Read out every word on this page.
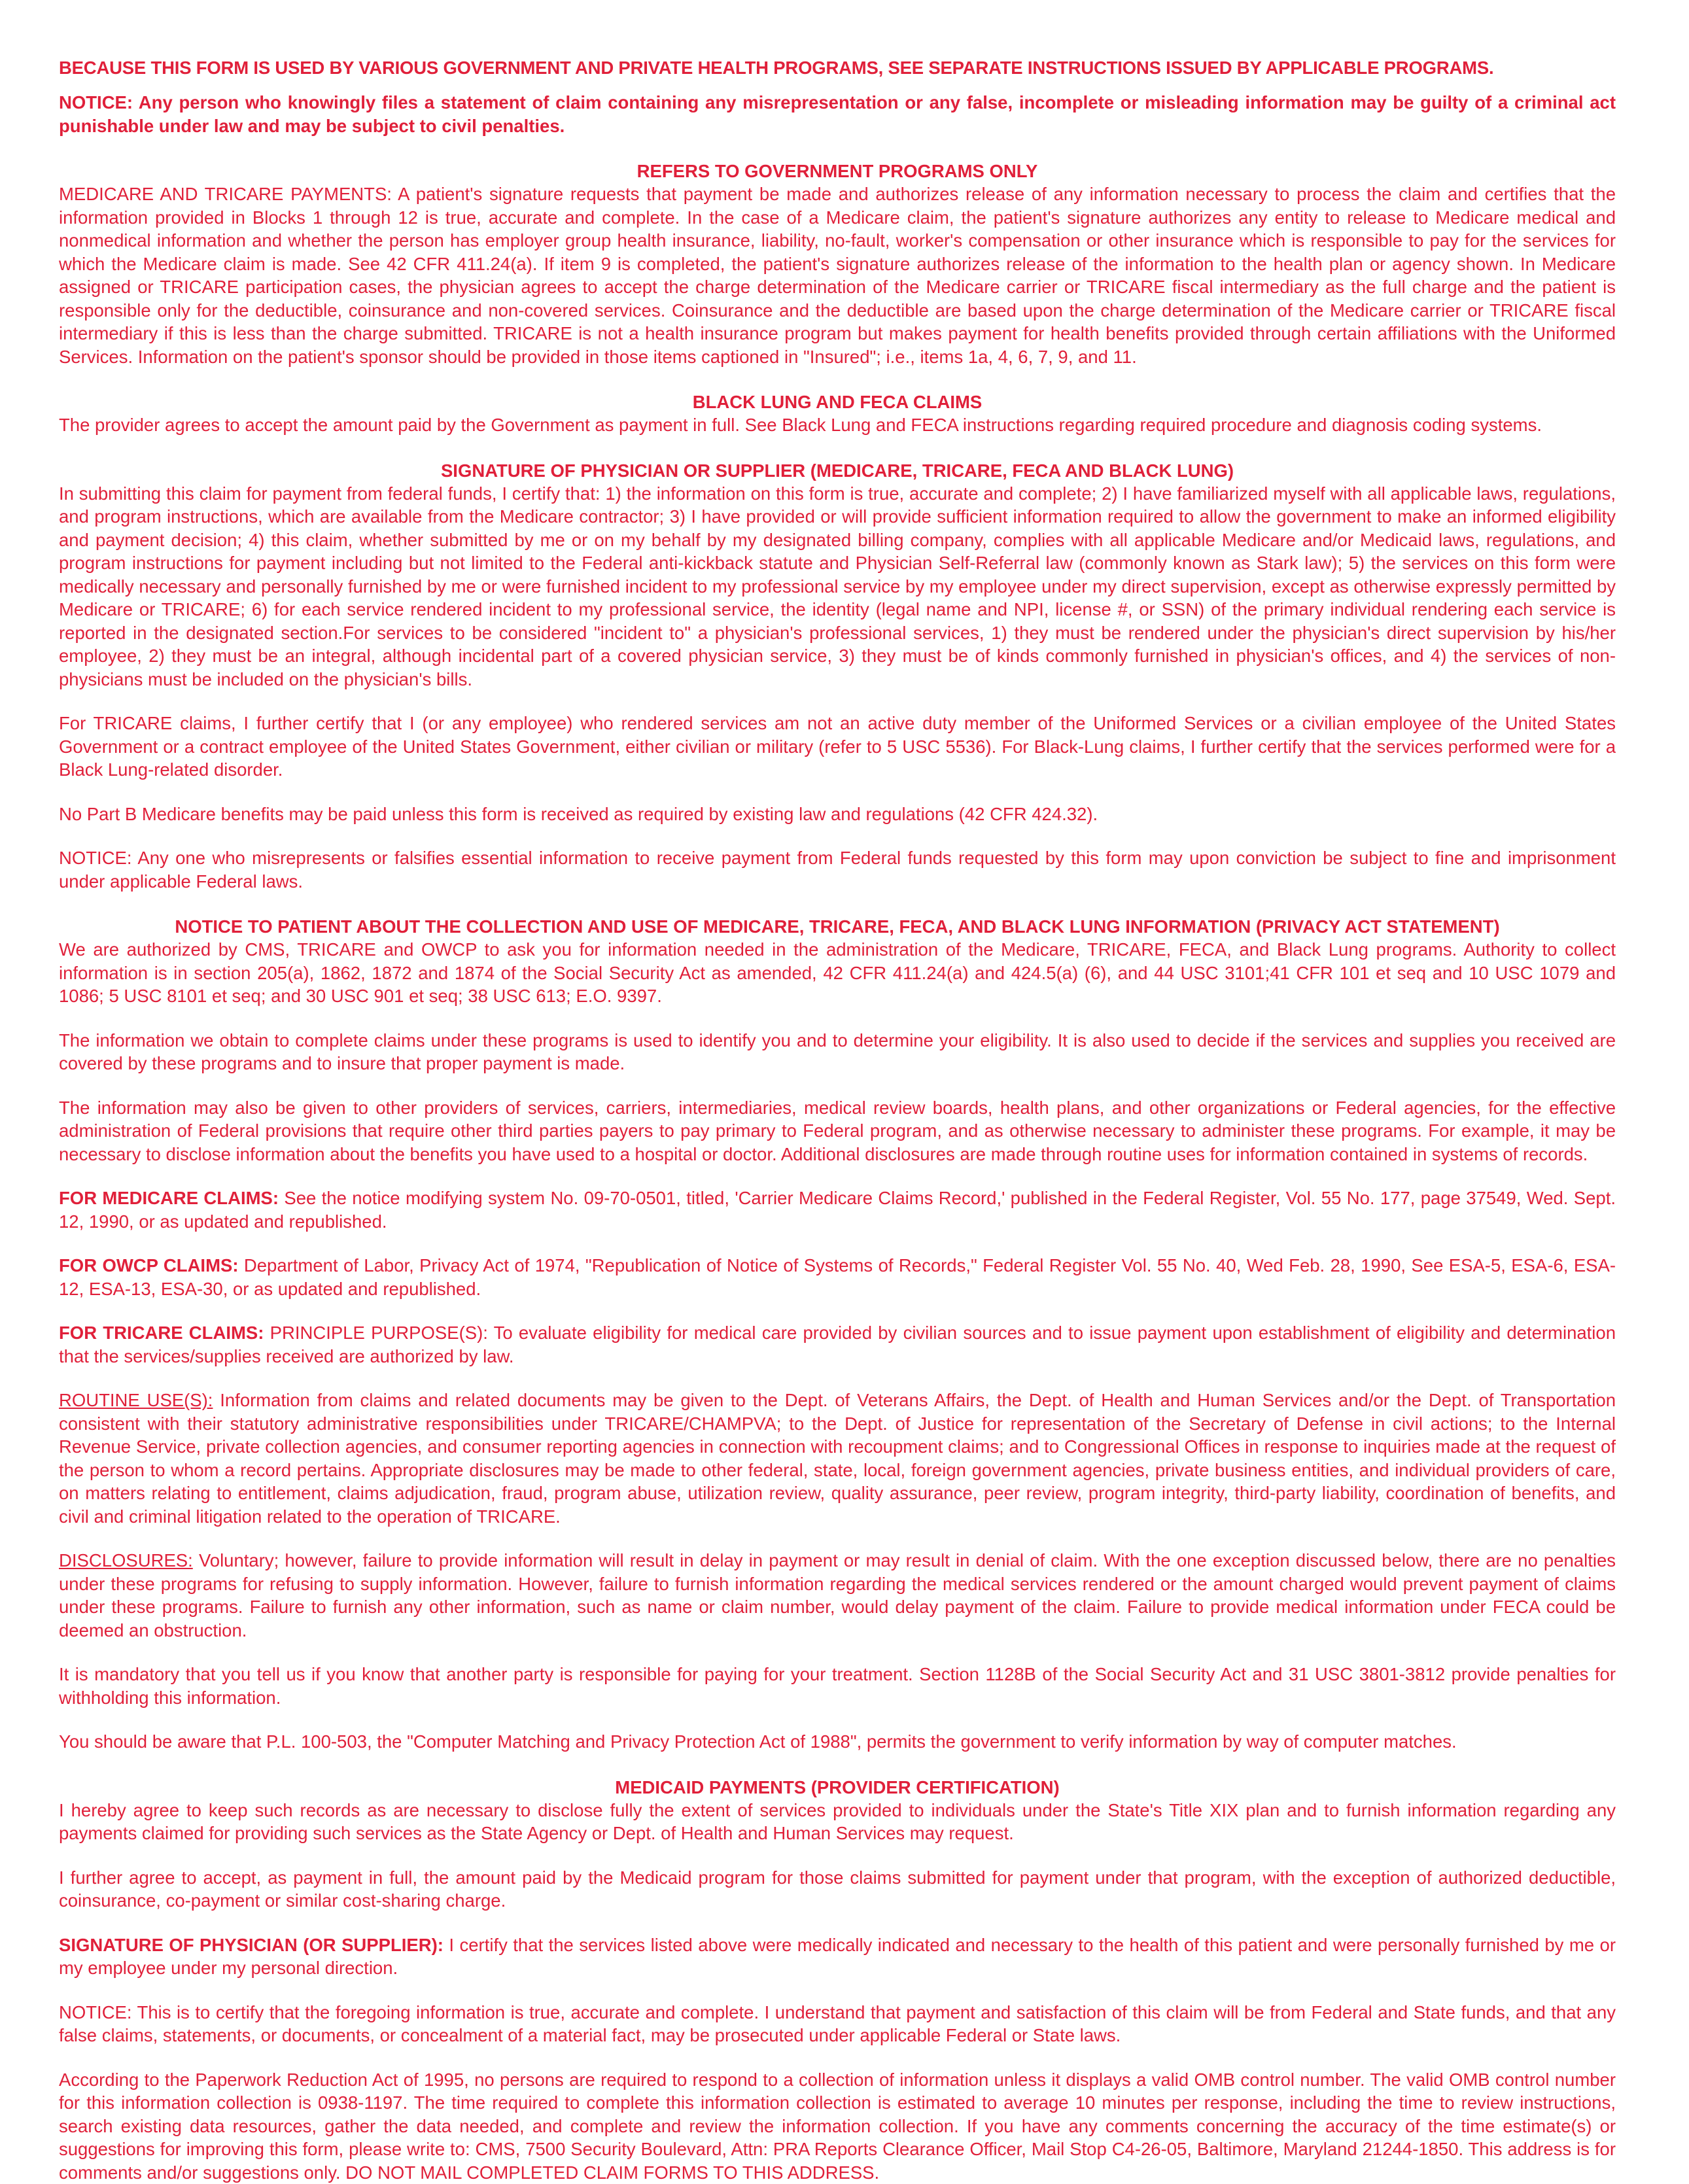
BECAUSE THIS FORM IS USED BY VARIOUS GOVERNMENT AND PRIVATE HEALTH PROGRAMS, SEE SEPARATE INSTRUCTIONS ISSUED BY APPLICABLE PROGRAMS.

NOTICE: Any person who knowingly files a statement of claim containing any misrepresentation or any false, incomplete or misleading information may be guilty of a criminal act punishable under law and may be subject to civil penalties.

REFERS TO GOVERNMENT PROGRAMS ONLY

MEDICARE AND TRICARE PAYMENTS: A patient's signature requests that payment be made and authorizes release of any information necessary to process the claim and certifies that the information provided in Blocks 1 through 12 is true, accurate and complete. In the case of a Medicare claim, the patient's signature authorizes any entity to release to Medicare medical and nonmedical information and whether the person has employer group health insurance, liability, no-fault, worker's compensation or other insurance which is responsible to pay for the services for which the Medicare claim is made. See 42 CFR 411.24(a). If item 9 is completed, the patient's signature authorizes release of the information to the health plan or agency shown. In Medicare assigned or TRICARE participation cases, the physician agrees to accept the charge determination of the Medicare carrier or TRICARE fiscal intermediary as the full charge and the patient is responsible only for the deductible, coinsurance and non-covered services. Coinsurance and the deductible are based upon the charge determination of the Medicare carrier or TRICARE fiscal intermediary if this is less than the charge submitted. TRICARE is not a health insurance program but makes payment for health benefits provided through certain affiliations with the Uniformed Services. Information on the patient's sponsor should be provided in those items captioned in "Insured"; i.e., items 1a, 4, 6, 7, 9, and 11.

BLACK LUNG AND FECA CLAIMS

The provider agrees to accept the amount paid by the Government as payment in full. See Black Lung and FECA instructions regarding required procedure and diagnosis coding systems.

SIGNATURE OF PHYSICIAN OR SUPPLIER (MEDICARE, TRICARE, FECA AND BLACK LUNG)

In submitting this claim for payment from federal funds, I certify that: 1) the information on this form is true, accurate and complete; 2) I have familiarized myself with all applicable laws, regulations, and program instructions, which are available from the Medicare contractor; 3) I have provided or will provide sufficient information required to allow the government to make an informed eligibility and payment decision; 4) this claim, whether submitted by me or on my behalf by my designated billing company, complies with all applicable Medicare and/or Medicaid laws, regulations, and program instructions for payment including but not limited to the Federal anti-kickback statute and Physician Self-Referral law (commonly known as Stark law); 5) the services on this form were medically necessary and personally furnished by me or were furnished incident to my professional service by my employee under my direct supervision, except as otherwise expressly permitted by Medicare or TRICARE; 6) for each service rendered incident to my professional service, the identity (legal name and NPI, license #, or SSN) of the primary individual rendering each service is reported in the designated section.For services to be considered "incident to" a physician's professional services, 1) they must be rendered under the physician's direct supervision by his/her employee, 2) they must be an integral, although incidental part of a covered physician service, 3) they must be of kinds commonly furnished in physician's offices, and 4) the services of non-physicians must be included on the physician's bills.

For TRICARE claims, I further certify that I (or any employee) who rendered services am not an active duty member of the Uniformed Services or a civilian employee of the United States Government or a contract employee of the United States Government, either civilian or military (refer to 5 USC 5536). For Black-Lung claims, I further certify that the services performed were for a Black Lung-related disorder.

No Part B Medicare benefits may be paid unless this form is received as required by existing law and regulations (42 CFR 424.32).

NOTICE: Any one who misrepresents or falsifies essential information to receive payment from Federal funds requested by this form may upon conviction be subject to fine and imprisonment under applicable Federal laws.

NOTICE TO PATIENT ABOUT THE COLLECTION AND USE OF MEDICARE, TRICARE, FECA, AND BLACK LUNG INFORMATION (PRIVACY ACT STATEMENT)

We are authorized by CMS, TRICARE and OWCP to ask you for information needed in the administration of the Medicare, TRICARE, FECA, and Black Lung programs. Authority to collect information is in section 205(a), 1862, 1872 and 1874 of the Social Security Act as amended, 42 CFR 411.24(a) and 424.5(a) (6), and 44 USC 3101;41 CFR 101 et seq and 10 USC 1079 and 1086; 5 USC 8101 et seq; and 30 USC 901 et seq; 38 USC 613; E.O. 9397.

The information we obtain to complete claims under these programs is used to identify you and to determine your eligibility. It is also used to decide if the services and supplies you received are covered by these programs and to insure that proper payment is made.

The information may also be given to other providers of services, carriers, intermediaries, medical review boards, health plans, and other organizations or Federal agencies, for the effective administration of Federal provisions that require other third parties payers to pay primary to Federal program, and as otherwise necessary to administer these programs. For example, it may be necessary to disclose information about the benefits you have used to a hospital or doctor. Additional disclosures are made through routine uses for information contained in systems of records.

FOR MEDICARE CLAIMS: See the notice modifying system No. 09-70-0501, titled, 'Carrier Medicare Claims Record,' published in the Federal Register, Vol. 55 No. 177, page 37549, Wed. Sept. 12, 1990, or as updated and republished.

FOR OWCP CLAIMS: Department of Labor, Privacy Act of 1974, "Republication of Notice of Systems of Records," Federal Register Vol. 55 No. 40, Wed Feb. 28, 1990, See ESA-5, ESA-6, ESA-12, ESA-13, ESA-30, or as updated and republished.

FOR TRICARE CLAIMS: PRINCIPLE PURPOSE(S): To evaluate eligibility for medical care provided by civilian sources and to issue payment upon establishment of eligibility and determination that the services/supplies received are authorized by law.

ROUTINE USE(S): Information from claims and related documents may be given to the Dept. of Veterans Affairs, the Dept. of Health and Human Services and/or the Dept. of Transportation consistent with their statutory administrative responsibilities under TRICARE/CHAMPVA; to the Dept. of Justice for representation of the Secretary of Defense in civil actions; to the Internal Revenue Service, private collection agencies, and consumer reporting agencies in connection with recoupment claims; and to Congressional Offices in response to inquiries made at the request of the person to whom a record pertains. Appropriate disclosures may be made to other federal, state, local, foreign government agencies, private business entities, and individual providers of care, on matters relating to entitlement, claims adjudication, fraud, program abuse, utilization review, quality assurance, peer review, program integrity, third-party liability, coordination of benefits, and civil and criminal litigation related to the operation of TRICARE.

DISCLOSURES: Voluntary; however, failure to provide information will result in delay in payment or may result in denial of claim. With the one exception discussed below, there are no penalties under these programs for refusing to supply information. However, failure to furnish information regarding the medical services rendered or the amount charged would prevent payment of claims under these programs. Failure to furnish any other information, such as name or claim number, would delay payment of the claim. Failure to provide medical information under FECA could be deemed an obstruction.

It is mandatory that you tell us if you know that another party is responsible for paying for your treatment. Section 1128B of the Social Security Act and 31 USC 3801-3812 provide penalties for withholding this information.

You should be aware that P.L. 100-503, the "Computer Matching and Privacy Protection Act of 1988", permits the government to verify information by way of computer matches.

MEDICAID PAYMENTS (PROVIDER CERTIFICATION)

I hereby agree to keep such records as are necessary to disclose fully the extent of services provided to individuals under the State's Title XIX plan and to furnish information regarding any payments claimed for providing such services as the State Agency or Dept. of Health and Human Services may request.

I further agree to accept, as payment in full, the amount paid by the Medicaid program for those claims submitted for payment under that program, with the exception of authorized deductible, coinsurance, co-payment or similar cost-sharing charge.

SIGNATURE OF PHYSICIAN (OR SUPPLIER): I certify that the services listed above were medically indicated and necessary to the health of this patient and were personally furnished by me or my employee under my personal direction.

NOTICE: This is to certify that the foregoing information is true, accurate and complete. I understand that payment and satisfaction of this claim will be from Federal and State funds, and that any false claims, statements, or documents, or concealment of a material fact, may be prosecuted under applicable Federal or State laws.

According to the Paperwork Reduction Act of 1995, no persons are required to respond to a collection of information unless it displays a valid OMB control number. The valid OMB control number for this information collection is 0938-1197. The time required to complete this information collection is estimated to average 10 minutes per response, including the time to review instructions, search existing data resources, gather the data needed, and complete and review the information collection. If you have any comments concerning the accuracy of the time estimate(s) or suggestions for improving this form, please write to: CMS, 7500 Security Boulevard, Attn: PRA Reports Clearance Officer, Mail Stop C4-26-05, Baltimore, Maryland 21244-1850. This address is for comments and/or suggestions only. DO NOT MAIL COMPLETED CLAIM FORMS TO THIS ADDRESS.
